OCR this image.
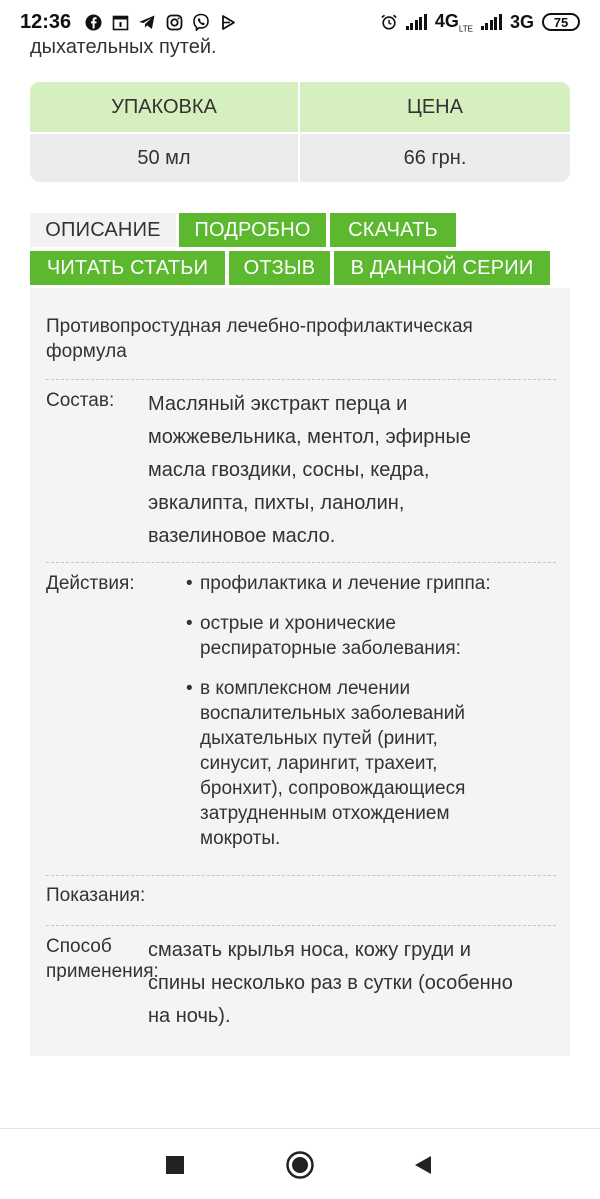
12:36	$4G_{LTE}$ 3G	75
дыхательных путей.
УПАКОВКА	ЦЕНА
50 мл	66 грн.
ОПИСАНИЕ	ПОДРОБНО	СКАЧАТЬ
ЧИТАТЬ СТАТЬИ	ОТЗЫВ	В ДАННОЙ СЕРИИ
Противопростудная лечебно-профилактическая
формула
Состав: Масляный экстракт перца и
можжевельника, ментол, эфирные
масла гвоздики, сосны, кедра,
эвкалипта, пихты, ланолин,
вазелиновое масло.
Действия:
•	профилактика и лечение гриппа:
• острые и хронические
респираторные заболевания:
• в комплексном лечении
воспалительных заболеваний
дыхательных путей (ринит,
синусит, ларингит, трахеит,
бронхит), сопровождающиеся
затрудненным отхождением
мокроты.
Показания:
Способ
применения:
смазать крылья носа, кожу груди и
спины несколько раз в сутки (особенно
на ночь).
